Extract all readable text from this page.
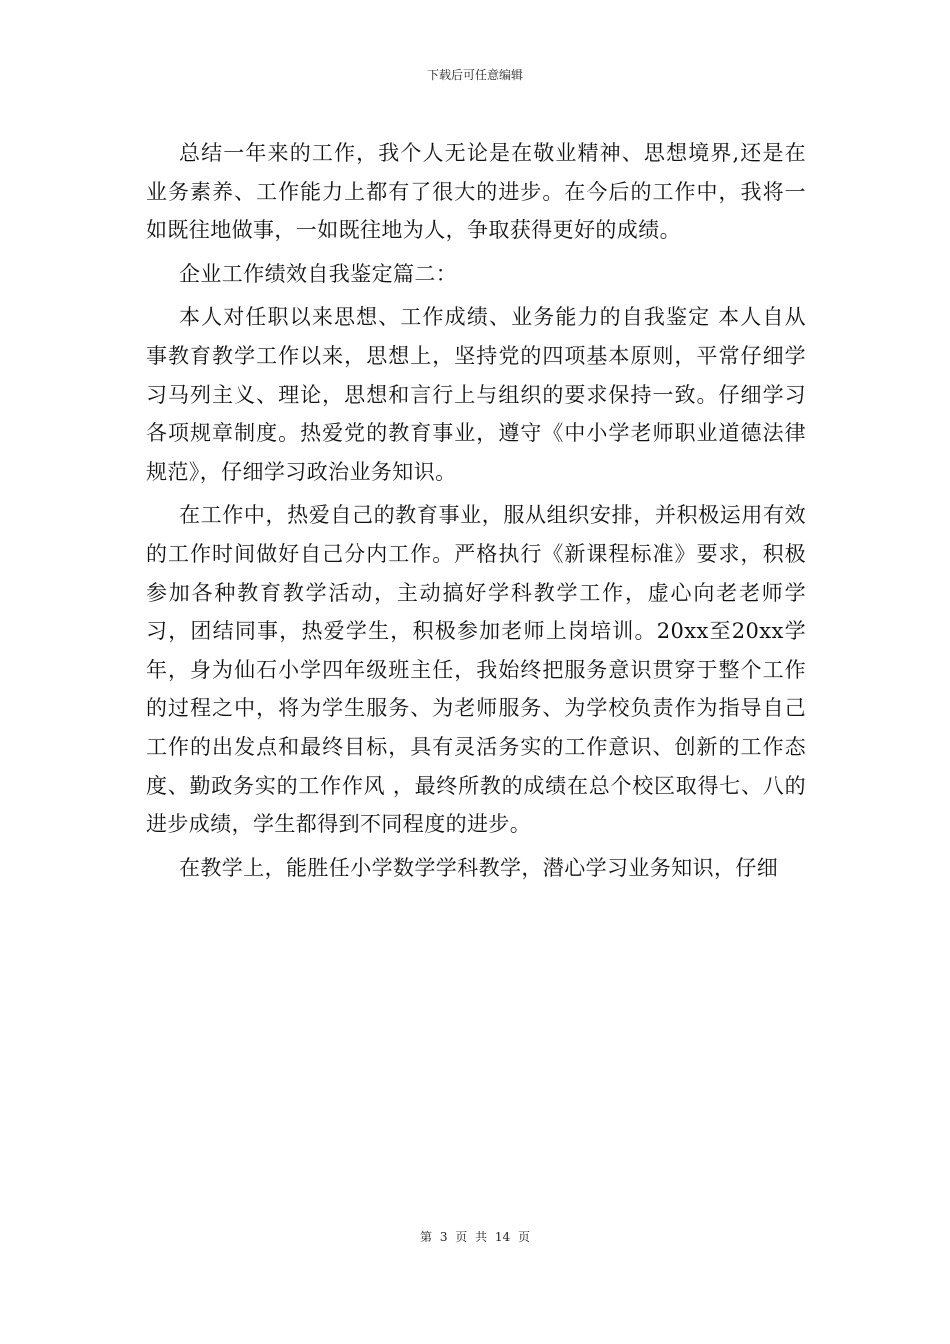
下载后可任意编辑

总结一年来的工作，我个人无论是在敬业精神、思想境界,还是在业务素养、工作能力上都有了很大的进步。在今后的工作中，我将一如既往地做事，一如既往地为人，争取获得更好的成绩。

企业工作绩效自我鉴定篇二：

本人对任职以来思想、工作成绩、业务能力的自我鉴定 本人自从事教育教学工作以来，思想上，坚持党的四项基本原则，平常仔细学习马列主义、理论，思想和言行上与组织的要求保持一致。仔细学习各项规章制度。热爱党的教育事业，遵守《中小学老师职业道德法律规范》，仔细学习政治业务知识。

在工作中，热爱自己的教育事业，服从组织安排，并积极运用有效的工作时间做好自己分内工作。严格执行《新课程标准》要求，积极参加各种教育教学活动，主动搞好学科教学工作，虚心向老老师学习，团结同事，热爱学生，积极参加老师上岗培训。20xx至20xx学年，身为仙石小学四年级班主任，我始终把服务意识贯穿于整个工作的过程之中，将为学生服务、为老师服务、为学校负责作为指导自己工作的出发点和最终目标，具有灵活务实的工作意识、创新的工作态度、勤政务实的工作作风 ，最终所教的成绩在总个校区取得七、八的进步成绩，学生都得到不同程度的进步。

在教学上，能胜任小学数学学科教学，潜心学习业务知识，仔细

第 3 页 共 14 页
